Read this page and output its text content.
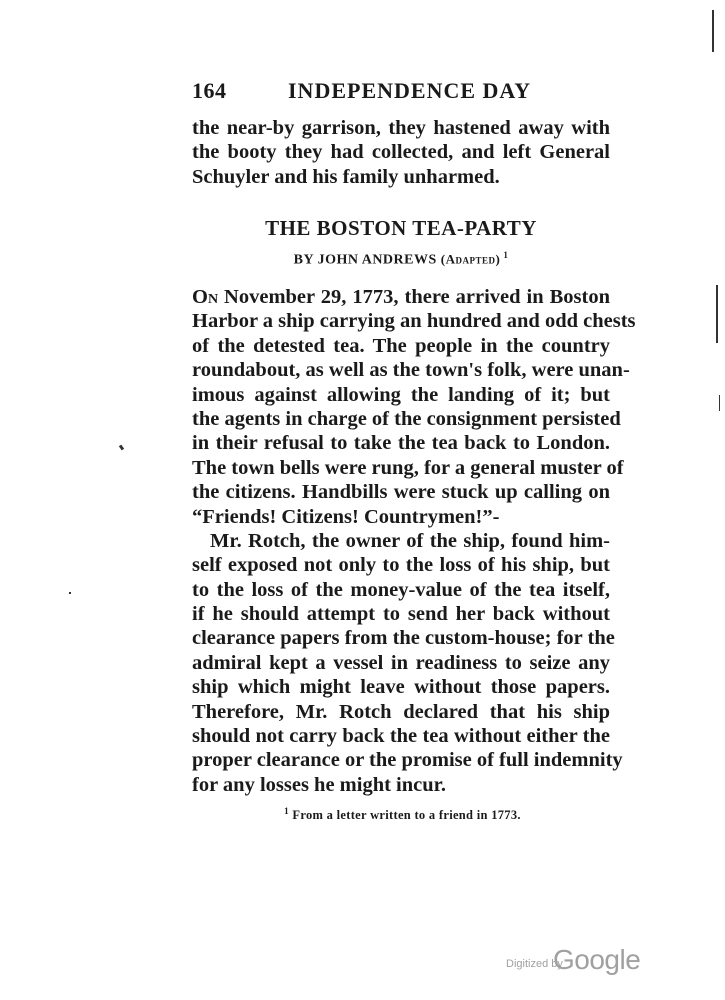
164	INDEPENDENCE DAY
the near-by garrison, they hastened away with
the booty they had collected, and left General
Schuyler and his family unharmed.
THE BOSTON TEA-PARTY
BY JOHN ANDREWS (Adapted) $^1$
On November 29, 1773, there arrived in Boston
Harbor a ship carrying an hundred and odd chests
of the detested tea. The people in the country
roundabout, as well as the town's folk, were unan-
imous against allowing the landing of it; but
the agents in charge of the consignment persisted
in their refusal to take the tea back to London.
The town bells were rung, for a general muster of
the citizens. Handbills were stuck up calling on
“Friends! Citizens! Countrymen!”-
Mr. Rotch, the owner of the ship, found him-
self exposed not only to the loss of his ship, but
to the loss of the money-value of the tea itself,
if he should attempt to send her back without
clearance papers from the custom-house; for the
admiral kept a vessel in readiness to seize any
ship which might leave without those papers.
Therefore, Mr. Rotch declared that his ship
should not carry back the tea without either the
proper clearance or the promise of full indemnity
for any losses he might incur.
$^1$ From a letter written to a friend in 1773.
Digitized by
Google
